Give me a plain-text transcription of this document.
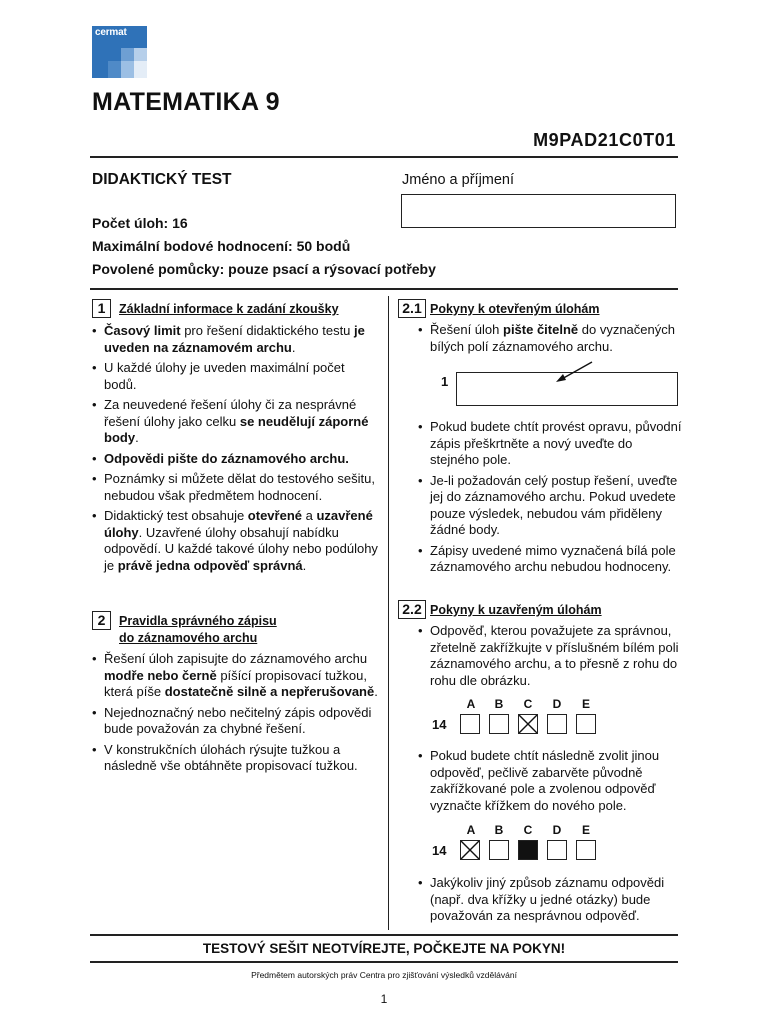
cermat
MATEMATIKA 9
M9PAD21C0T01
DIDAKTICKÝ TEST	Jméno a příjmení
Počet úloh: 16
Maximální bodové hodnocení: 50 bodů
Povolené pomůcky: pouze psací a rýsovací potřeby
1	Základní informace k zadání zkoušky
• Časový limit pro řešení didaktického testu je uveden na záznamovém archu.
• U každé úlohy je uveden maximální počet bodů.
• Za neuvedené řešení úlohy či za nesprávné řešení úlohy jako celku se neudělují záporné body.
• Odpovědi pište do záznamového archu.
• Poznámky si můžete dělat do testového sešitu, nebudou však předmětem hodnocení.
• Didaktický test obsahuje otevřené a uzavřené úlohy. Uzavřené úlohy obsahují nabídku odpovědí. U každé takové úlohy nebo podúlohy je právě jedna odpověď správná.
2	Pravidla správného zápisu
do záznamového archu
• Řešení úloh zapisujte do záznamového archu modře nebo černě píšící propisovací tužkou, která píše dostatečně silně a nepřerušovaně.
• Nejednoznačný nebo nečitelný zápis odpovědi bude považován za chybné řešení.
• V konstrukčních úlohách rýsujte tužkou a následně vše obtáhněte propisovací tužkou.
2.1 Pokyny k otevřeným úlohám
• Řešení úloh pište čitelně do vyznačených bílých polí záznamového archu.
1
• Pokud budete chtít provést opravu, původní zápis přeškrtněte a nový uveďte do stejného pole.
• Je-li požadován celý postup řešení, uveďte jej do záznamového archu. Pokud uvedete pouze výsledek, nebudou vám přiděleny žádné body.
• Zápisy uvedené mimo vyznačená bílá pole záznamového archu nebudou hodnoceny.
2.2 Pokyny k uzavřeným úlohám
• Odpověď, kterou považujete za správnou, zřetelně zakřížkujte v příslušném bílém poli záznamového archu, a to přesně z rohu do rohu dle obrázku.
A	B	C	D	E
14
• Pokud budete chtít následně zvolit jinou odpověď, pečlivě zabarvěte původně zakřížkované pole a zvolenou odpověď vyznačte křížkem do nového pole.
A	B	C	D	E
14
• Jakýkoliv jiný způsob záznamu odpovědi (např. dva křížky u jedné otázky) bude považován za nesprávnou odpověď.
TESTOVÝ SEŠIT NEOTVÍREJTE, POČKEJTE NA POKYN!
Předmětem autorských práv Centra pro zjišťování výsledků vzdělávání
1
